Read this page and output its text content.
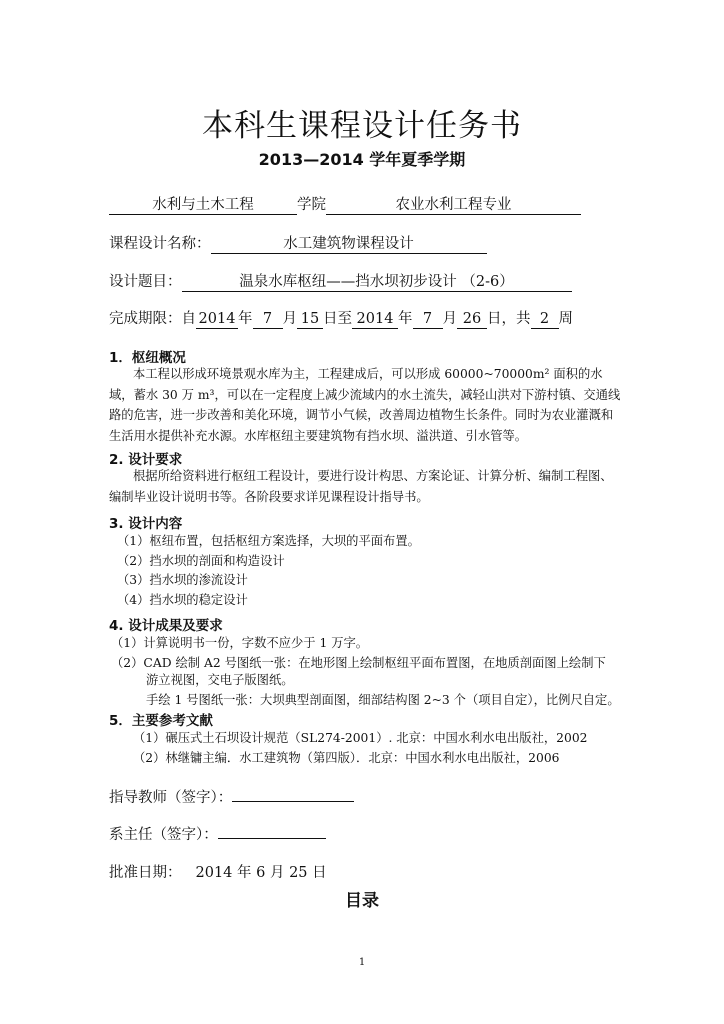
本科生课程设计任务书
2013—2014 学年夏季学期
水利与土木工程	学院	农业水利工程专业
课程设计名称：	水工建筑物课程设计
设计题目：	温泉水库枢纽——挡水坝初步设计 （2-6）
完成期限：自 2014 年 7 月 15 日至 2014 年 7 月 26 日，共 2 周
1．枢纽概况
本工程以形成环境景观水库为主，工程建成后，可以形成 60000~70000m² 面积的水域，蓄水 30 万 m³，可以在一定程度上减少流域内的水土流失，减轻山洪对下游村镇、交通线路的危害，进一步改善和美化环境，调节小气候，改善周边植物生长条件。同时为农业灌溉和生活用水提供补充水源。水库枢纽主要建筑物有挡水坝、溢洪道、引水管等。
2. 设计要求
根据所给资料进行枢纽工程设计，要进行设计构思、方案论证、计算分析、编制工程图、编制毕业设计说明书等。各阶段要求详见课程设计指导书。
3. 设计内容
（1）枢纽布置，包括枢纽方案选择，大坝的平面布置。
（2）挡水坝的剖面和构造设计
（3）挡水坝的渗流设计
（4）挡水坝的稳定设计
4. 设计成果及要求
（1）计算说明书一份，字数不应少于 1 万字。
（2）CAD 绘制 A2 号图纸一张：在地形图上绘制枢纽平面布置图，在地质剖面图上绘制下
游立视图，交电子版图纸。
手绘 1 号图纸一张：大坝典型剖面图，细部结构图 2~3 个（项目自定），比例尺自定。
5．主要参考文献
（1）碾压式土石坝设计规范（SL274-2001）. 北京：中国水利水电出版社，2002
（2）林继镛主编．水工建筑物（第四版）．北京：中国水利水电出版社，2006
指导教师（签字）：
系主任（签字）：
批准日期： 2014 年 6 月 25 日
目录
1
